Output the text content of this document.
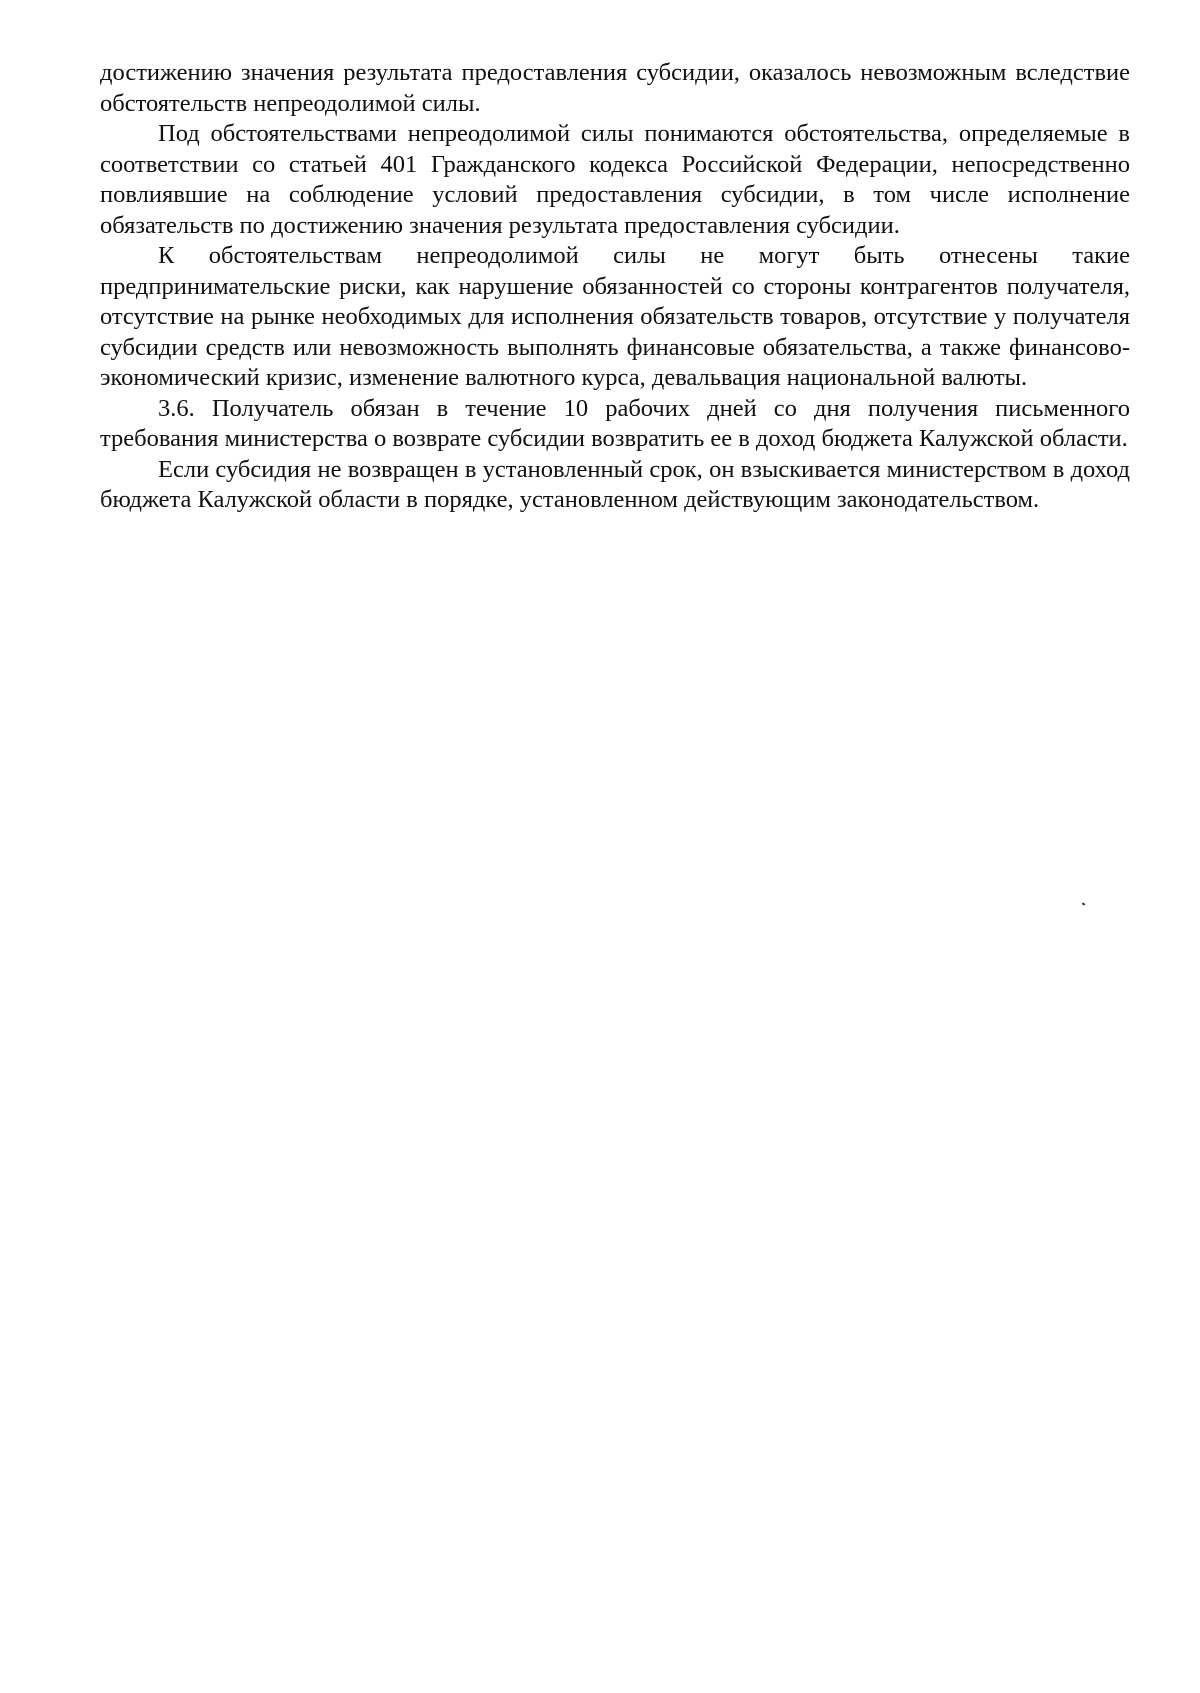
достижению значения результата предоставления субсидии, оказалось невозможным вследствие обстоятельств непреодолимой силы.

Под обстоятельствами непреодолимой силы понимаются обстоятельства, определяемые в соответствии со статьей 401 Гражданского кодекса Российской Федерации, непосредственно повлиявшие на соблюдение условий предоставления субсидии, в том числе исполнение обязательств по достижению значения результата предоставления субсидии.

К обстоятельствам непреодолимой силы не могут быть отнесены такие предпринимательские риски, как нарушение обязанностей со стороны контрагентов получателя, отсутствие на рынке необходимых для исполнения обязательств товаров, отсутствие у получателя субсидии средств или невозможность выполнять финансовые обязательства, а также финансово-экономический кризис, изменение валютного курса, девальвация национальной валюты.

3.6. Получатель обязан в течение 10 рабочих дней со дня получения письменного требования министерства о возврате субсидии возвратить ее в доход бюджета Калужской области.

Если субсидия не возвращен в установленный срок, он взыскивается министерством в доход бюджета Калужской области в порядке, установленном действующим законодательством.
